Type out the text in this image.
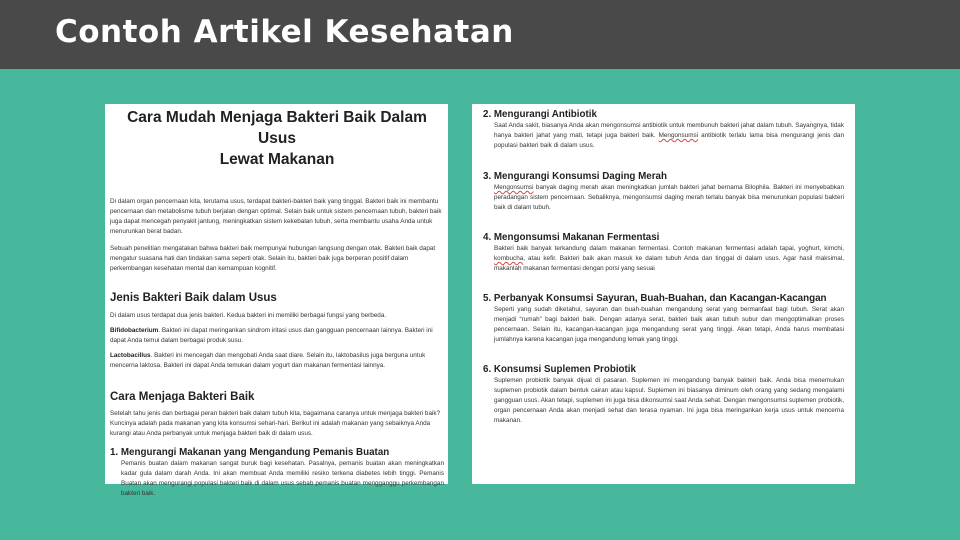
Contoh Artikel Kesehatan
Cara Mudah Menjaga Bakteri Baik Dalam Usus
Lewat Makanan

Di dalam organ pencernaan kita, terutama usus, terdapat bakteri-bakteri baik yang tinggal. Bakteri baik ini membantu pencernaan dan metabolisme tubuh berjalan dengan optimal. Selain baik untuk sistem pencernaan tubuh, bakteri baik juga dapat mencegah penyakit jantung, meningkatkan sistem kekebalan tubuh, serta membantu usaha Anda untuk menurunkan berat badan.

Sebuah penelitian mengatakan bahwa bakteri baik mempunyai hubungan langsung dengan otak. Bakteri baik dapat mengatur suasana hati dan tindakan sama seperti otak. Selain itu, bakteri baik juga berperan positif dalam perkembangan kesehatan mental dan kemampuan kognitif.

Jenis Bakteri Baik dalam Usus

Di dalam usus terdapat dua jenis bakteri. Kedua bakteri ini memiliki berbagai fungsi yang berbeda.

Bifidobacterium. Bakteri ini dapat meringankan sindrom iritasi usus dan gangguan pencernaan lainnya. Bakteri ini dapat Anda temui dalam berbagai produk susu.

Lactobacillus. Bakteri ini mencegah dan mengobati Anda saat diare. Selain itu, laktobasilus juga berguna untuk mencerna laktosa. Bakteri ini dapat Anda temukan dalam yogurt dan makanan fermentasi lainnya.

Cara Menjaga Bakteri Baik

Setelah tahu jenis dan berbagai peran bakteri baik dalam tubuh kita, bagaimana caranya untuk menjaga bakteri baik? Kuncinya adalah pada makanan yang kita konsumsi sehari-hari. Berikut ini adalah makanan yang sebaiknya Anda kurangi atau Anda perbanyak untuk menjaga bakteri baik di dalam usus.

1. Mengurangi Makanan yang Mengandung Pemanis Buatan

Pemanis buatan dalam makanan sangat buruk bagi kesehatan. Pasalnya, pemanis buatan akan meningkatkan kadar gula dalam darah Anda. Ini akan membuat Anda memiliki resiko terkena diabetes lebih tinggi. Pemanis Buatan akan mengurangi populasi bakteri baik di dalam usus sebab pemanis buatan mengganggu perkembangan bakteri baik.

2. Mengurangi Antibiotik

Saat Anda sakit, biasanya Anda akan mengonsumsi antibiotik untuk membunuh bakteri jahat dalam tubuh. Sayangnya, tidak hanya bakteri jahat yang mati, tetapi juga bakteri baik. Mengonsumsi antibiotik terlalu lama bisa mengurangi jenis dan populasi bakteri baik di dalam usus.

3. Mengurangi Konsumsi Daging Merah

Mengonsumsi banyak daging merah akan meningkatkan jumlah bakteri jahat bernama Bilophila. Bakteri ini menyebabkan peradangan sistem pencernaan. Sebaliknya, mengonsumsi daging merah terlalu banyak bisa menurunkan populasi bakteri baik di dalam tubuh.

4. Mengonsumsi Makanan Fermentasi

Bakteri baik banyak terkandung dalam makanan fermentasi. Contoh makanan fermentasi adalah tapai, yoghurt, kimchi, kombucha, atau kefir. Bakteri baik akan masuk ke dalam tubuh Anda dan tinggal di dalam usus. Agar hasil maksimal, makanlah makanan fermentasi dengan porsi yang sesuai

5. Perbanyak Konsumsi Sayuran, Buah-Buahan, dan Kacangan-Kacangan

Seperti yang sudah diketahui, sayuran dan buah-buahan mengandung serat yang bermanfaat bagi tubuh. Serat akan menjadi “rumah” bagi bakteri baik. Dengan adanya serat, bakteri baik akan tubuh subur dan mengoptimalkan proses pencernaan. Selain itu, kacangan-kacangan juga mengandung serat yang tinggi. Akan tetapi, Anda harus membatasi jumlahnya karena kacangan juga mengandung lemak yang tinggi.

6. Konsumsi Suplemen Probiotik

Suplemen probiotik banyak dijual di pasaran. Suplemen ini mengandung banyak bakteri baik. Anda bisa menemukan suplemen probiotik dalam bentuk cairan atau kapsul. Suplemen ini biasanya diminum oleh orang yang sedang mengalami gangguan usus. Akan tetapi, suplemen ini juga bisa dikonsumsi saat Anda sehat. Dengan mengonsumsi suplemen probiotik, organ pencernaan Anda akan menjadi sehat dan terasa nyaman. Ini juga bisa meringankan kerja usus untuk mencerna makanan.
